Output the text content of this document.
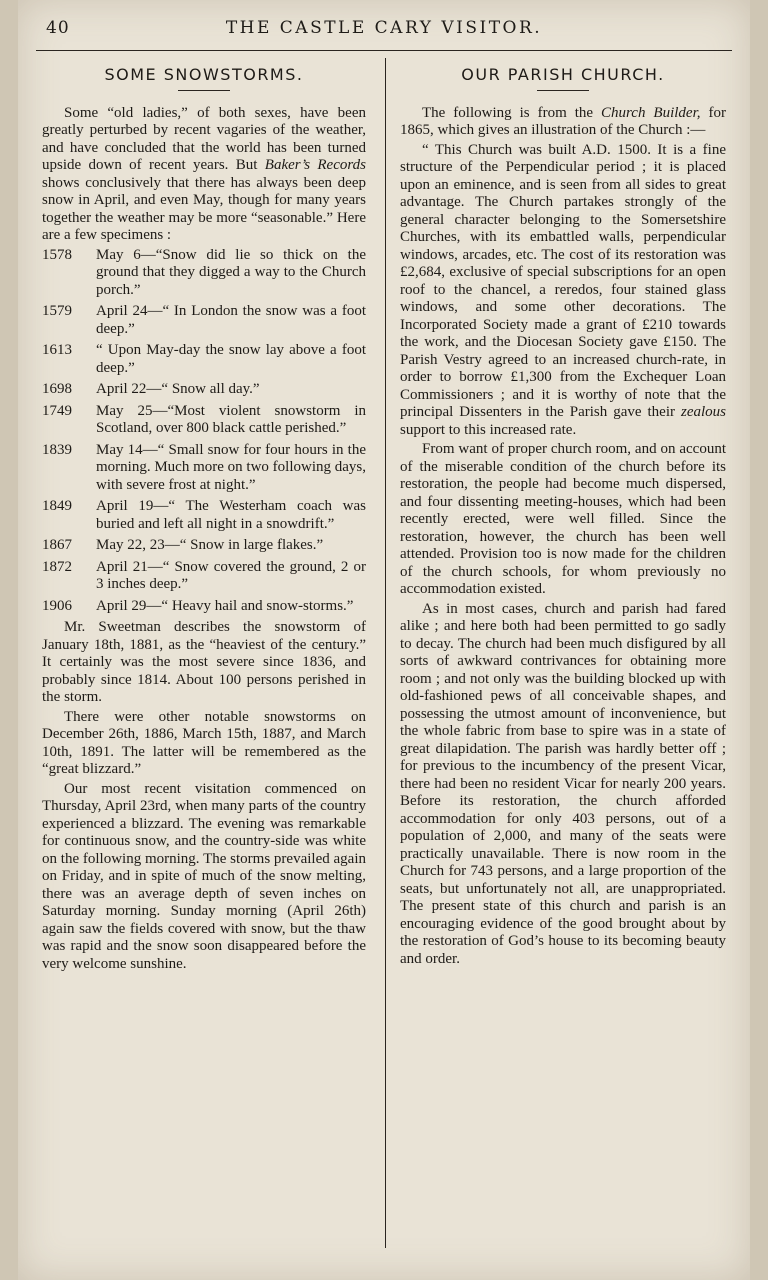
40	THE CASTLE CARY VISITOR.
SOME SNOWSTORMS.

Some “old ladies,” of both sexes, have been greatly perturbed by recent vagaries of the weather, and have concluded that the world has been turned upside down of recent years. But Baker’s Records shows conclusively that there has always been deep snow in April, and even May, though for many years together the weather may be more “seasonable.” Here are a few specimens :

1578	May 6—“Snow did lie so thick on the ground that they digged a way to the Church porch.”
1579	April 24—“ In London the snow was a foot deep.”
1613	“ Upon May-day the snow lay above a foot deep.”
1698	April 22—“ Snow all day.”
1749	May 25—“Most violent snowstorm in Scotland, over 800 black cattle perished.”
1839	May 14—“ Small snow for four hours in the morning. Much more on two following days, with severe frost at night.”
1849	April 19—“ The Westerham coach was buried and left all night in a snowdrift.”
1867	May 22, 23—“ Snow in large flakes.”
1872	April 21—“ Snow covered the ground, 2 or 3 inches deep.”
1906	April 29—“ Heavy hail and snow-storms.”

Mr. Sweetman describes the snowstorm of January 18th, 1881, as the “heaviest of the century.” It certainly was the most severe since 1836, and probably since 1814. About 100 persons perished in the storm.

There were other notable snowstorms on December 26th, 1886, March 15th, 1887, and March 10th, 1891. The latter will be remembered as the “great blizzard.”

Our most recent visitation commenced on Thursday, April 23rd, when many parts of the country experienced a blizzard. The evening was remarkable for continuous snow, and the country-side was white on the following morning. The storms prevailed again on Friday, and in spite of much of the snow melting, there was an average depth of seven inches on Saturday morning. Sunday morning (April 26th) again saw the fields covered with snow, but the thaw was rapid and the snow soon disappeared before the very welcome sunshine.

OUR PARISH CHURCH.

The following is from the Church Builder, for 1865, which gives an illustration of the Church :—

“ This Church was built A.D. 1500. It is a fine structure of the Perpendicular period ; it is placed upon an eminence, and is seen from all sides to great advantage. The Church partakes strongly of the general character belonging to the Somersetshire Churches, with its embattled walls, perpendicular windows, arcades, etc. The cost of its restoration was £2,684, exclusive of special subscriptions for an open roof to the chancel, a reredos, four stained glass windows, and some other decorations. The Incorporated Society made a grant of £210 towards the work, and the Diocesan Society gave £150. The Parish Vestry agreed to an increased church-rate, in order to borrow £1,300 from the Exchequer Loan Commissioners ; and it is worthy of note that the principal Dissenters in the Parish gave their zealous support to this increased rate.

From want of proper church room, and on account of the miserable condition of the church before its restoration, the people had become much dispersed, and four dissenting meeting-houses, which had been recently erected, were well filled. Since the restoration, however, the church has been well attended. Provision too is now made for the children of the church schools, for whom previously no accommodation existed.

As in most cases, church and parish had fared alike ; and here both had been permitted to go sadly to decay. The church had been much disfigured by all sorts of awkward contrivances for obtaining more room ; and not only was the building blocked up with old-fashioned pews of all conceivable shapes, and possessing the utmost amount of inconvenience, but the whole fabric from base to spire was in a state of great dilapidation. The parish was hardly better off ; for previous to the incumbency of the present Vicar, there had been no resident Vicar for nearly 200 years. Before its restoration, the church afforded accommodation for only 403 persons, out of a population of 2,000, and many of the seats were practically unavailable. There is now room in the Church for 743 persons, and a large proportion of the seats, but unfortunately not all, are unappropriated. The present state of this church and parish is an encouraging evidence of the good brought about by the restoration of God’s house to its becoming beauty and order.
